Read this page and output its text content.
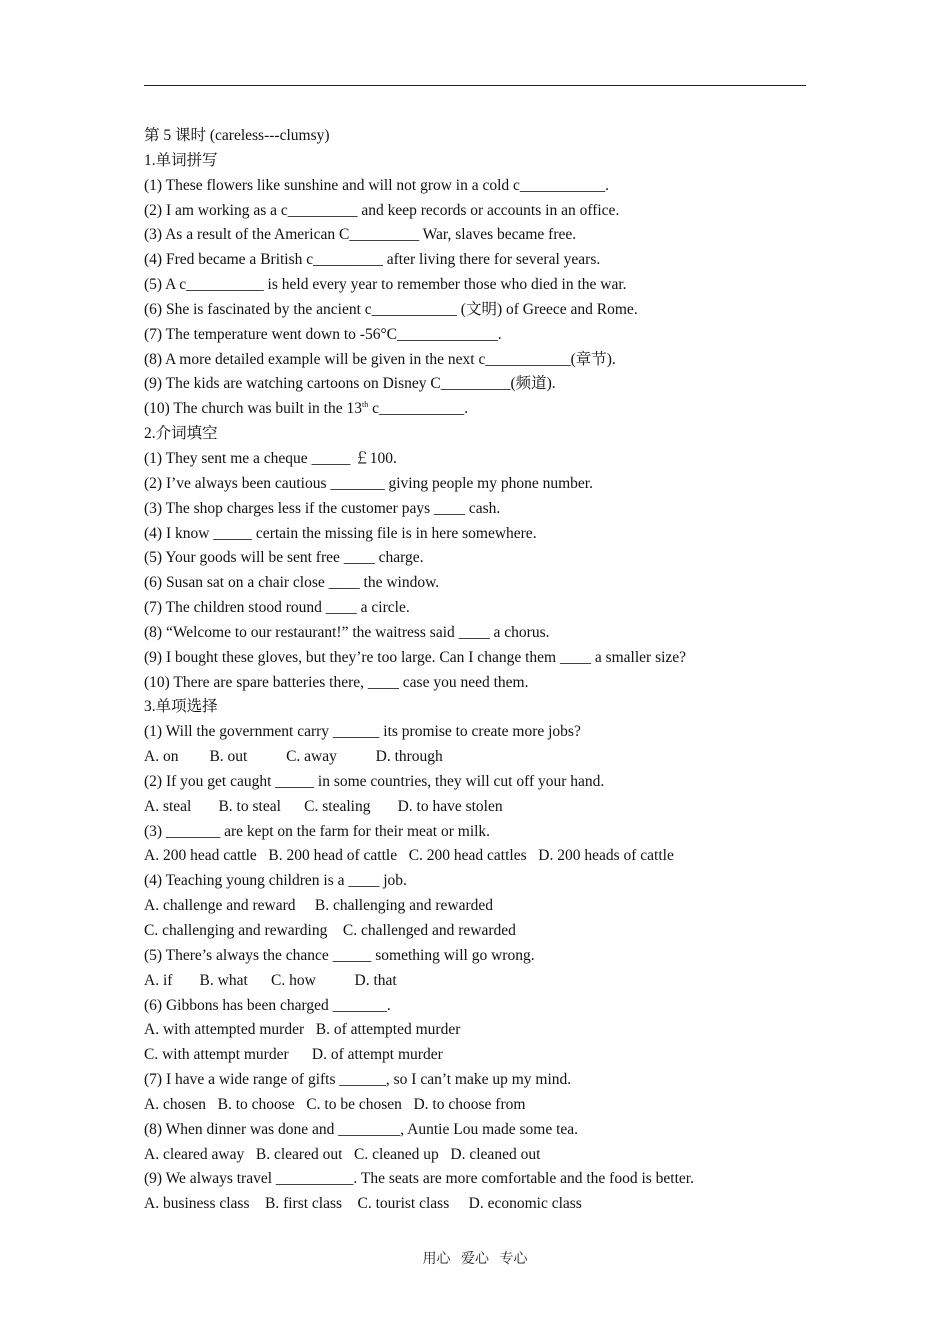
第 5 课时 (careless---clumsy)
1.单词拼写
(1) These flowers like sunshine and will not grow in a cold c___________.
(2) I am working as a c_________ and keep records or accounts in an office.
(3) As a result of the American C_________ War, slaves became free.
(4) Fred became a British c_________ after living there for several years.
(5) A c__________ is held every year to remember those who died in the war.
(6) She is fascinated by the ancient c___________ (文明) of Greece and Rome.
(7) The temperature went down to -56°C_____________.
(8) A more detailed example will be given in the next c___________(章节).
(9) The kids are watching cartoons on Disney C_________(频道).
(10) The church was built in the 13th c___________.
2.介词填空
(1) They sent me a cheque _____ ￡100.
(2) I’ve always been cautious _______ giving people my phone number.
(3) The shop charges less if the customer pays ____ cash.
(4) I know _____ certain the missing file is in here somewhere.
(5) Your goods will be sent free ____ charge.
(6) Susan sat on a chair close ____ the window.
(7) The children stood round ____ a circle.
(8) “Welcome to our restaurant!” the waitress said ____ a chorus.
(9) I bought these gloves, but they’re too large. Can I change them ____ a smaller size?
(10) There are spare batteries there, ____ case you need them.
3.单项选择
(1) Will the government carry ______ its promise to create more jobs?
A. on        B. out          C. away          D. through
(2) If you get caught _____ in some countries, they will cut off your hand.
A. steal       B. to steal      C. stealing       D. to have stolen
(3) _______ are kept on the farm for their meat or milk.
A. 200 head cattle   B. 200 head of cattle   C. 200 head cattles   D. 200 heads of cattle
(4) Teaching young children is a ____ job.
A. challenge and reward     B. challenging and rewarded
C. challenging and rewarding    C. challenged and rewarded
(5) There’s always the chance _____ something will go wrong.
A. if       B. what      C. how          D. that
(6) Gibbons has been charged _______.
A. with attempted murder   B. of attempted murder
C. with attempt murder      D. of attempt murder
(7) I have a wide range of gifts ______, so I can’t make up my mind.
A. chosen   B. to choose   C. to be chosen   D. to choose from
(8) When dinner was done and ________, Auntie Lou made some tea.
A. cleared away   B. cleared out   C. cleaned up   D. cleaned out
(9) We always travel __________. The seats are more comfortable and the food is better.
A. business class    B. first class    C. tourist class     D. economic class
用心   爱心   专心
